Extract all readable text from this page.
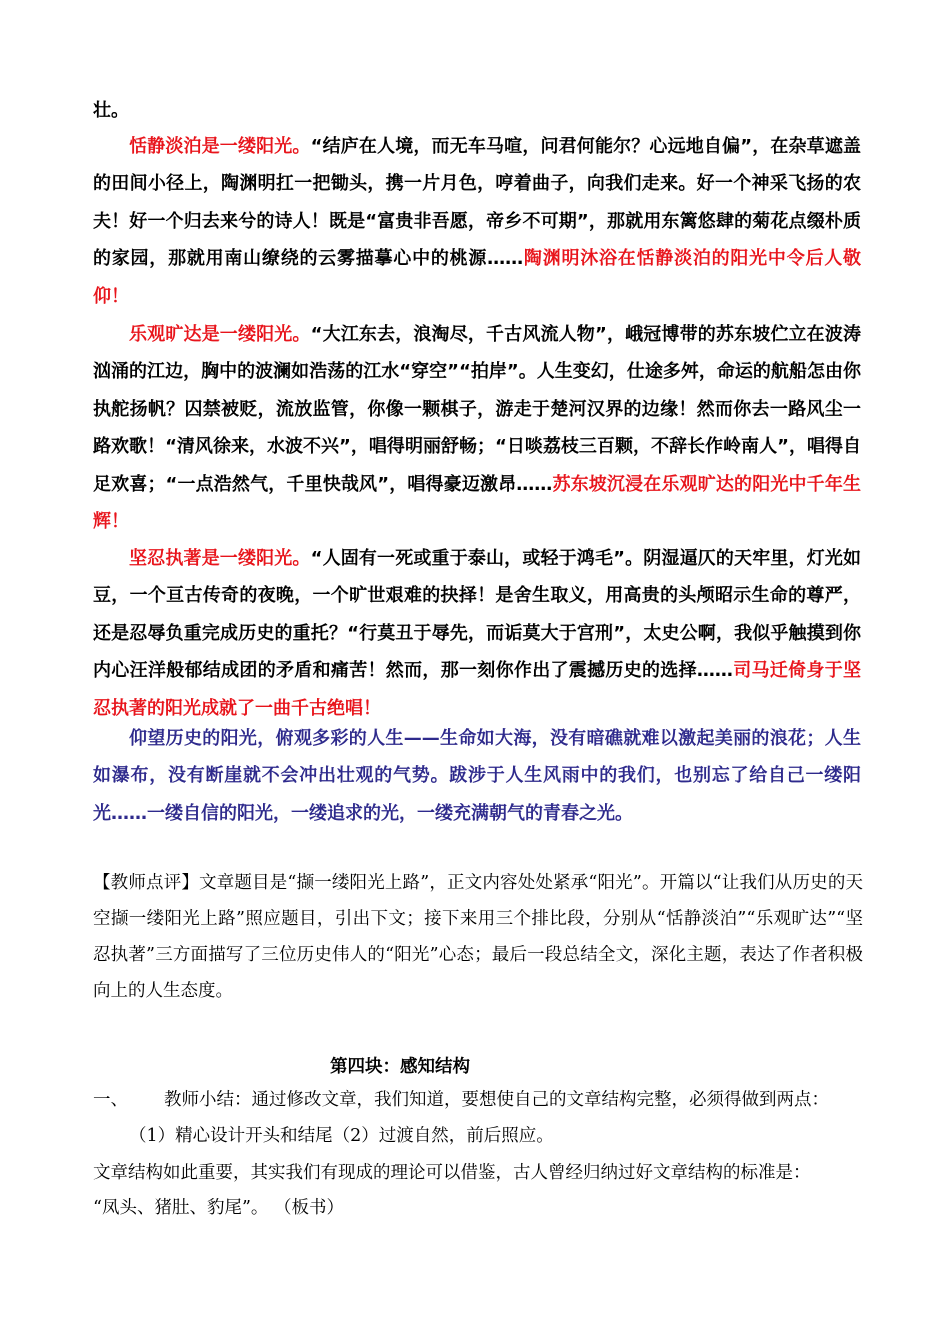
壮。

恬静淡泊是一缕阳光。“结庐在人境，而无车马喧，问君何能尔？心远地自偏”，在杂草遮盖的田间小径上，陶渊明扛一把锄头，携一片月色，哼着曲子，向我们走来。好一个神采飞扬的农夫！好一个归去来兮的诗人！既是“富贵非吾愿，帝乡不可期”，那就用东篱悠肆的菊花点缀朴质的家园，那就用南山缭绕的云雾描摹心中的桃源……陶渊明沐浴在恬静淡泊的阳光中令后人敬仰！

乐观旷达是一缕阳光。“大江东去，浪淘尽，千古风流人物”，峨冠博带的苏东坡伫立在波涛汹涌的江边，胸中的波澜如浩荡的江水“穿空”“拍岸”。人生变幻，仕途多舛，命运的航船怎由你执舵扬帆？囚禁被贬，流放监管，你像一颗棋子，游走于楚河汉界的边缘！然而你去一路风尘一路欢歌！“清风徐来，水波不兴”，唱得明丽舒畅；“日啖荔枝三百颗，不辞长作岭南人”，唱得自足欢喜；“一点浩然气，千里快哉风”，唱得豪迈激昂……苏东坡沉浸在乐观旷达的阳光中千年生辉！

坚忍执著是一缕阳光。“人固有一死或重于泰山，或轻于鸿毛”。阴湿逼仄的天牢里，灯光如豆，一个亘古传奇的夜晚，一个旷世艰难的抉择！是舍生取义，用高贵的头颅昭示生命的尊严，还是忍辱负重完成历史的重托？“行莫丑于辱先，而诟莫大于宫刑”，太史公啊，我似乎触摸到你内心汪洋般郁结成团的矛盾和痛苦！然而，那一刻你作出了震撼历史的选择……司马迁倚身于坚忍执著的阳光成就了一曲千古绝唱！

仰望历史的阳光，俯观多彩的人生——生命如大海，没有暗礁就难以激起美丽的浪花；人生如瀑布，没有断崖就不会冲出壮观的气势。跋涉于人生风雨中的我们，也别忘了给自己一缕阳光……一缕自信的阳光，一缕追求的光，一缕充满朝气的青春之光。

【教师点评】文章题目是“撷一缕阳光上路”，正文内容处处紧承“阳光”。开篇以“让我们从历史的天空撷一缕阳光上路”照应题目，引出下文；接下来用三个排比段，分别从“恬静淡泊”“乐观旷达”“坚忍执著”三方面描写了三位历史伟人的“阳光”心态；最后一段总结全文，深化主题，表达了作者积极向上的人生态度。

第四块：感知结构

一、 教师小结：通过修改文章，我们知道，要想使自己的文章结构完整，必须得做到两点：

（1）精心设计开头和结尾（2）过渡自然，前后照应。

文章结构如此重要，其实我们有现成的理论可以借鉴，古人曾经归纳过好文章结构的标准是：

“凤头、猪肚、豹尾”。 （板书）
